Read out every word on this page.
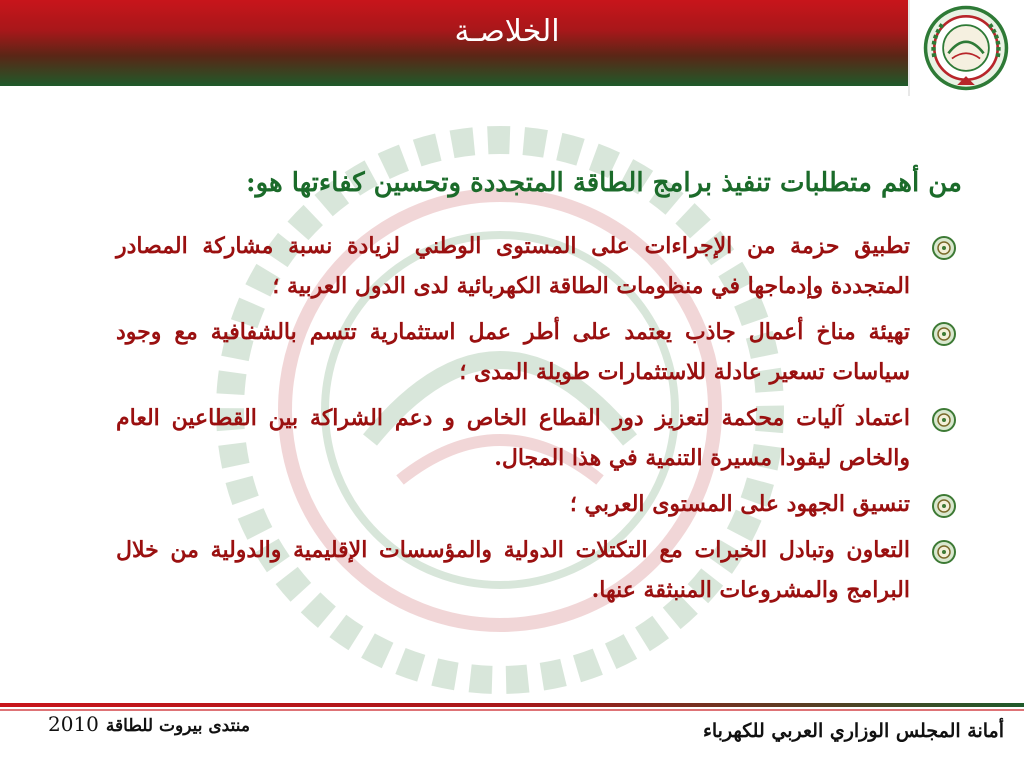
الخلاصـة
من أهم متطلبات تنفيذ برامج الطاقة المتجددة وتحسين كفاءتها هو:
تطبيق حزمة من الإجراءات على المستوى الوطني لزيادة نسبة مشاركة المصادر المتجددة وإدماجها في منظومات الطاقة الكهربائية لدى الدول العربية ؛
تهيئة مناخ أعمال جاذب يعتمد على أطر عمل استثمارية تتسم بالشفافية مع وجود سياسات تسعير عادلة للاستثمارات طويلة المدى ؛
اعتماد آليات محكمة لتعزيز دور القطاع الخاص و دعم الشراكة بين القطاعين العام والخاص ليقودا مسيرة التنمية في هذا المجال.
تنسيق الجهود على المستوى العربي ؛
التعاون وتبادل الخبرات مع التكتلات الدولية والمؤسسات الإقليمية والدولية من خلال البرامج والمشروعات المنبثقة عنها.
منتدى بيروت للطاقة 2010	أمانة المجلس الوزاري العربي للكهرباء
